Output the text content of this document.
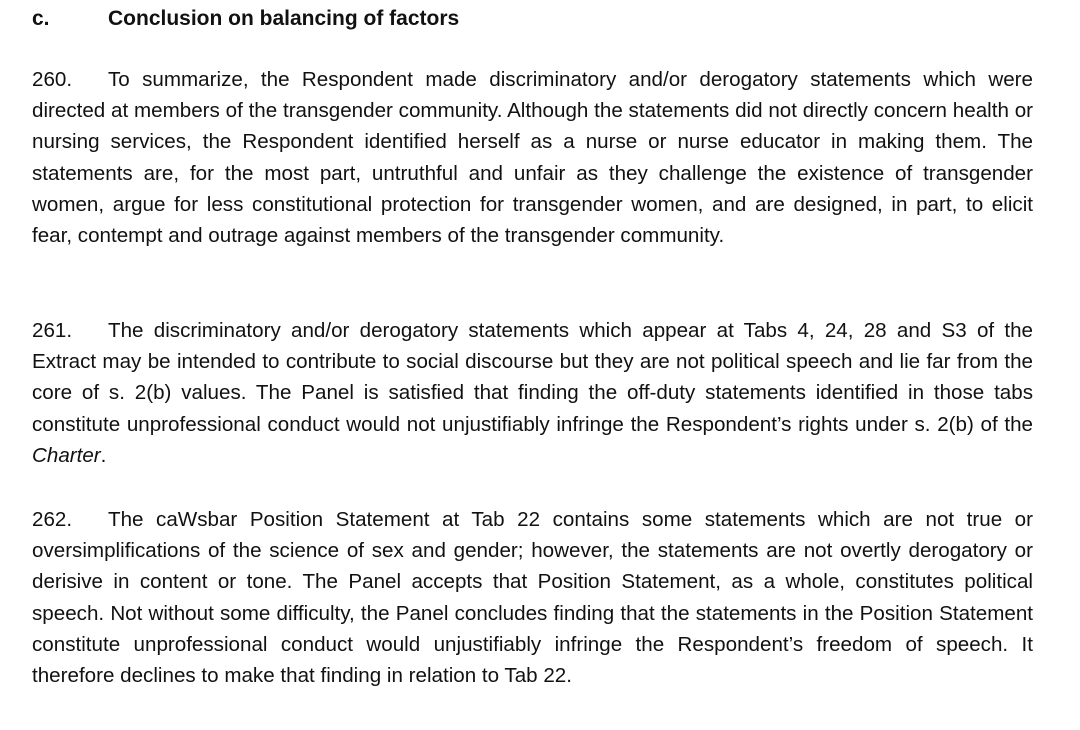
c.	Conclusion on balancing of factors

260. To summarize, the Respondent made discriminatory and/or derogatory statements which were directed at members of the transgender community. Although the statements did not directly concern health or nursing services, the Respondent identified herself as a nurse or nurse educator in making them. The statements are, for the most part, untruthful and unfair as they challenge the existence of transgender women, argue for less constitutional protection for transgender women, and are designed, in part, to elicit fear, contempt and outrage against members of the transgender community.

261. The discriminatory and/or derogatory statements which appear at Tabs 4, 24, 28 and S3 of the Extract may be intended to contribute to social discourse but they are not political speech and lie far from the core of s. 2(b) values. The Panel is satisfied that finding the off-duty statements identified in those tabs constitute unprofessional conduct would not unjustifiably infringe the Respondent’s rights under s. 2(b) of the Charter.

262. The caWsbar Position Statement at Tab 22 contains some statements which are not true or oversimplifications of the science of sex and gender; however, the statements are not overtly derogatory or derisive in content or tone. The Panel accepts that Position Statement, as a whole, constitutes political speech. Not without some difficulty, the Panel concludes finding that the statements in the Position Statement constitute unprofessional conduct would unjustifiably infringe the Respondent’s freedom of speech. It therefore declines to make that finding in relation to Tab 22.
